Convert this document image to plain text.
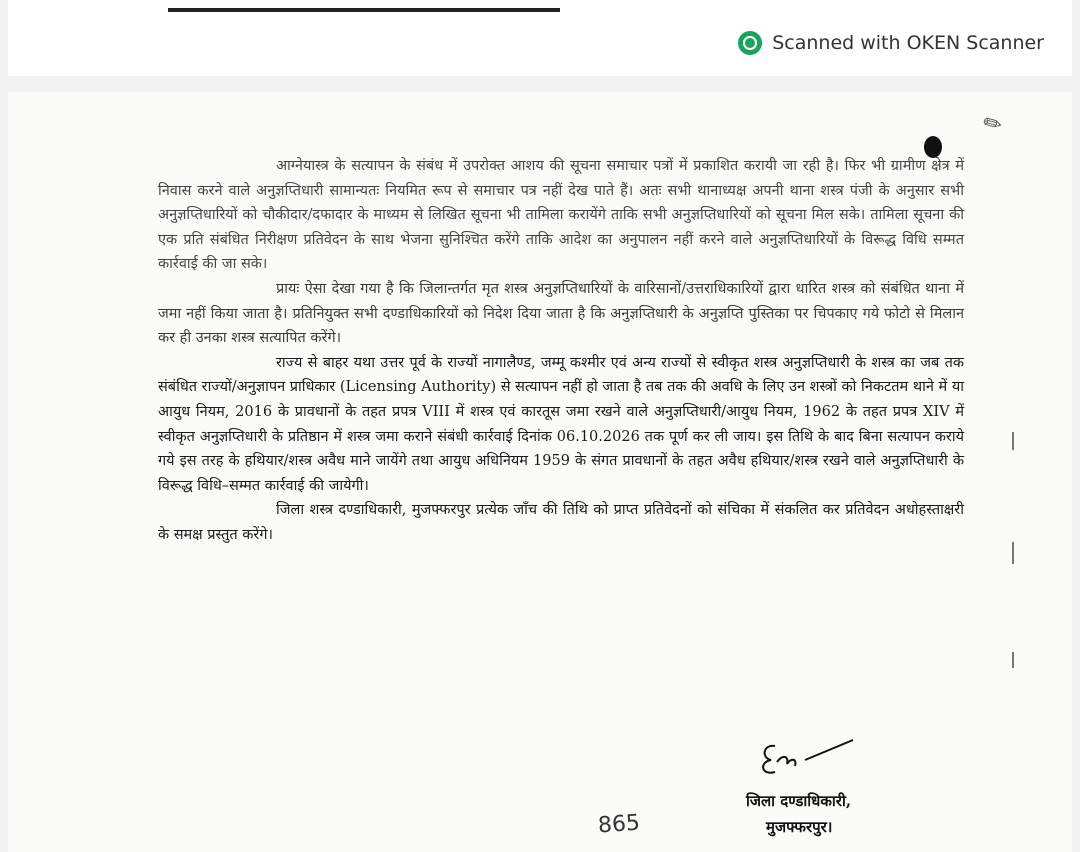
Scanned with OKEN Scanner
✎

आग्नेयास्त्र के सत्यापन के संबंध में उपरोक्त आशय की सूचना समाचार पत्रों में प्रकाशित करायी जा रही है। फिर भी ग्रामीण क्षेत्र में निवास करने वाले अनुज्ञप्तिधारी सामान्यतः नियमित रूप से समाचार पत्र नहीं देख पाते हैं। अतः सभी थानाध्यक्ष अपनी थाना शस्त्र पंजी के अनुसार सभी अनुज्ञप्तिधारियों को चौकीदार/दफादार के माध्यम से लिखित सूचना भी तामिला करायेंगे ताकि सभी अनुज्ञप्तिधारियों को सूचना मिल सके। तामिला सूचना की एक प्रति संबंधित निरीक्षण प्रतिवेदन के साथ भेजना सुनिश्चित करेंगे ताकि आदेश का अनुपालन नहीं करने वाले अनुज्ञप्तिधारियों के विरूद्ध विधि सम्मत कार्रवाई की जा सके।

प्रायः ऐसा देखा गया है कि जिलान्तर्गत मृत शस्त्र अनुज्ञप्तिधारियों के वारिसानों/उत्तराधिकारियों द्वारा धारित शस्त्र को संबंधित थाना में जमा नहीं किया जाता है। प्रतिनियुक्त सभी दण्डाधिकारियों को निदेश दिया जाता है कि अनुज्ञप्तिधारी के अनुज्ञप्ति पुस्तिका पर चिपकाए गये फोटो से मिलान कर ही उनका शस्त्र सत्यापित करेंगे।

राज्य से बाहर यथा उत्तर पूर्व के राज्यों नागालैण्ड, जम्मू कश्मीर एवं अन्य राज्यों से स्वीकृत शस्त्र अनुज्ञप्तिधारी के शस्त्र का जब तक संबंधित राज्यों/अनुज्ञापन प्राधिकार (Licensing Authority) से सत्यापन नहीं हो जाता है तब तक की अवधि के लिए उन शस्त्रों को निकटतम थाने में या आयुध नियम, 2016 के प्रावधानों के तहत प्रपत्र VIII में शस्त्र एवं कारतूस जमा रखने वाले अनुज्ञप्तिधारी/आयुध नियम, 1962 के तहत प्रपत्र XIV में स्वीकृत अनुज्ञप्तिधारी के प्रतिष्ठान में शस्त्र जमा कराने संबंधी कार्रवाई दिनांक 06.10.2026 तक पूर्ण कर ली जाय। इस तिथि के बाद बिना सत्यापन कराये गये इस तरह के हथियार/शस्त्र अवैध माने जायेंगे तथा आयुध अधिनियम 1959 के संगत प्रावधानों के तहत अवैध हथियार/शस्त्र रखने वाले अनुज्ञप्तिधारी के विरूद्ध विधि–सम्मत कार्रवाई की जायेगी।

जिला शस्त्र दण्डाधिकारी, मुजफ्फरपुर प्रत्येक जाँच की तिथि को प्राप्त प्रतिवेदनों को संचिका में संकलित कर प्रतिवेदन अधोहस्ताक्षरी के समक्ष प्रस्तुत करेंगे।

जिला दण्डाधिकारी,
मुजफ्फरपुर।
865
